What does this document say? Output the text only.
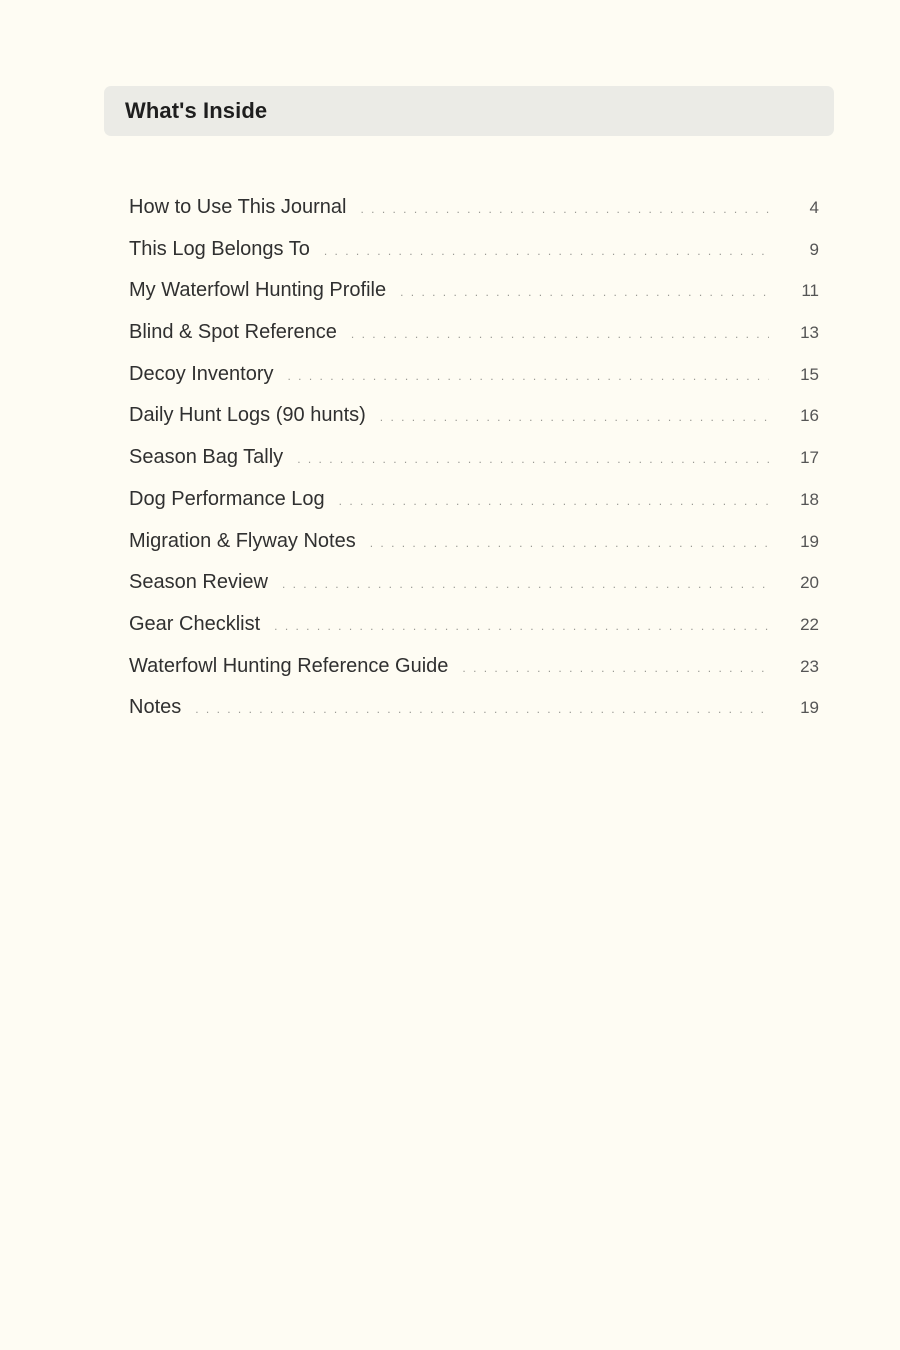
What's Inside
How to Use This Journal . . .	4
This Log Belongs To . . .	9
My Waterfowl Hunting Profile . . .	11
Blind & Spot Reference . . .	13
Decoy Inventory . . .	15
Daily Hunt Logs (90 hunts) . . .	16
Season Bag Tally . . .	17
Dog Performance Log . . .	18
Migration & Flyway Notes . . .	19
Season Review . . .	20
Gear Checklist . . .	22
Waterfowl Hunting Reference Guide . . .	23
Notes . . .	19
